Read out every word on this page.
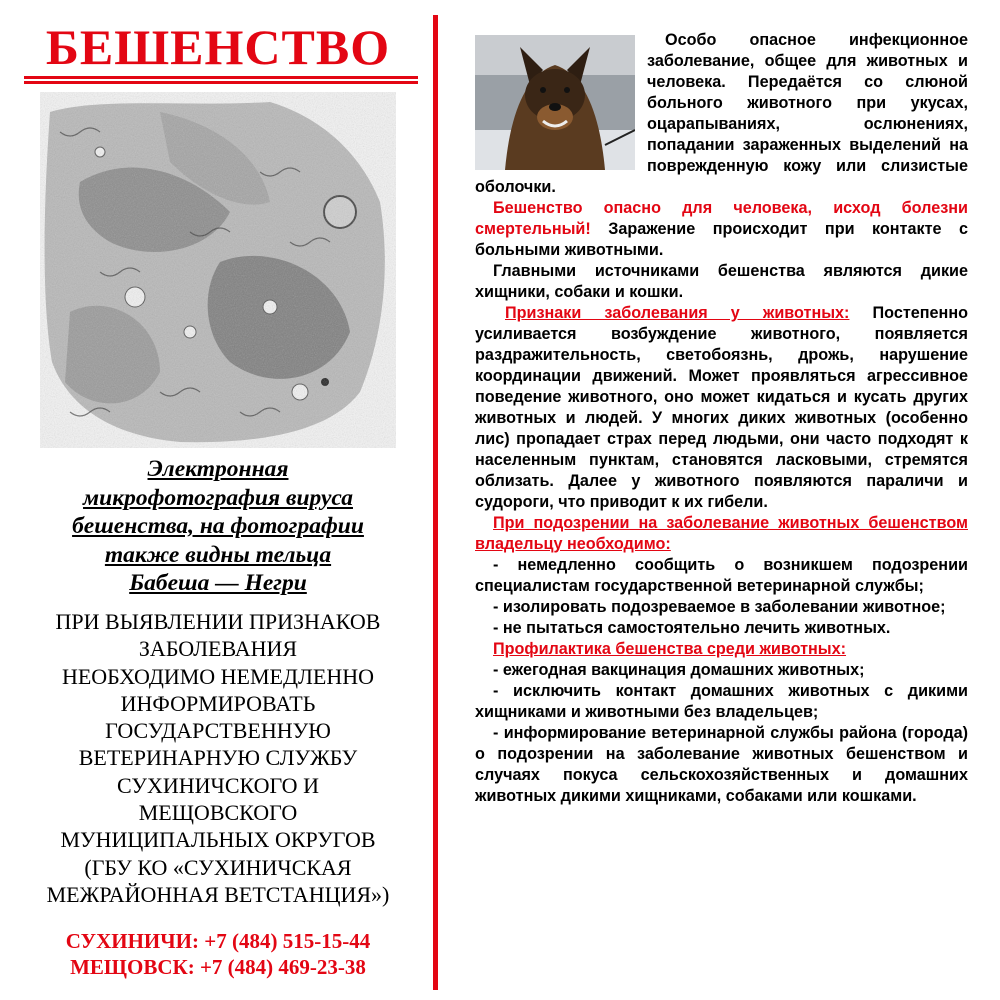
БЕШЕНСТВО
Электронная
микрофотография вируса
бешенства, на фотографии
также видны тельца
Бабеша — Негри
ПРИ ВЫЯВЛЕНИИ ПРИЗНАКОВ
ЗАБОЛЕВАНИЯ
НЕОБХОДИМО НЕМЕДЛЕННО
ИНФОРМИРОВАТЬ
ГОСУДАРСТВЕННУЮ
ВЕТЕРИНАРНУЮ СЛУЖБУ
СУХИНИЧСКОГО И
МЕЩОВСКОГО
МУНИЦИПАЛЬНЫХ ОКРУГОВ
(ГБУ КО «СУХИНИЧСКАЯ
МЕЖРАЙОННАЯ ВЕТСТАНЦИЯ»)
СУХИНИЧИ: +7 (484) 515-15-44
МЕЩОВСК: +7 (484) 469-23-38

Особо опасное инфекционное заболевание, общее для животных и человека. Передаётся со слюной больного животного при укусах, оцарапываниях, ослюнениях, попадании зараженных выделений на поврежденную кожу или слизистые оболочки.

Бешенство опасно для человека, исход болезни смертельный! Заражение происходит при контакте с больными животными.

Главными источниками бешенства являются дикие хищники, собаки и кошки.

Признаки заболевания у животных: Постепенно усиливается возбуждение животного, появляется раздражительность, светобоязнь, дрожь, нарушение координации движений. Может проявляться агрессивное поведение животного, оно может кидаться и кусать других животных и людей. У многих диких животных (особенно лис) пропадает страх перед людьми, они часто подходят к населенным пунктам, становятся ласковыми, стремятся облизать. Далее у животного появляются параличи и судороги, что приводит к их гибели.

При подозрении на заболевание животных бешенством владельцу необходимо:

- немедленно сообщить о возникшем подозрении специалистам государственной ветеринарной службы;

- изолировать подозреваемое в заболевании животное;

- не пытаться самостоятельно лечить животных.

Профилактика бешенства среди животных:

- ежегодная вакцинация домашних животных;

- исключить контакт домашних животных с дикими хищниками и животными без владельцев;

- информирование ветеринарной службы района (города) о подозрении на заболевание животных бешенством и случаях покуса сельскохозяйственных и домашних животных дикими хищниками, собаками или кошками.
